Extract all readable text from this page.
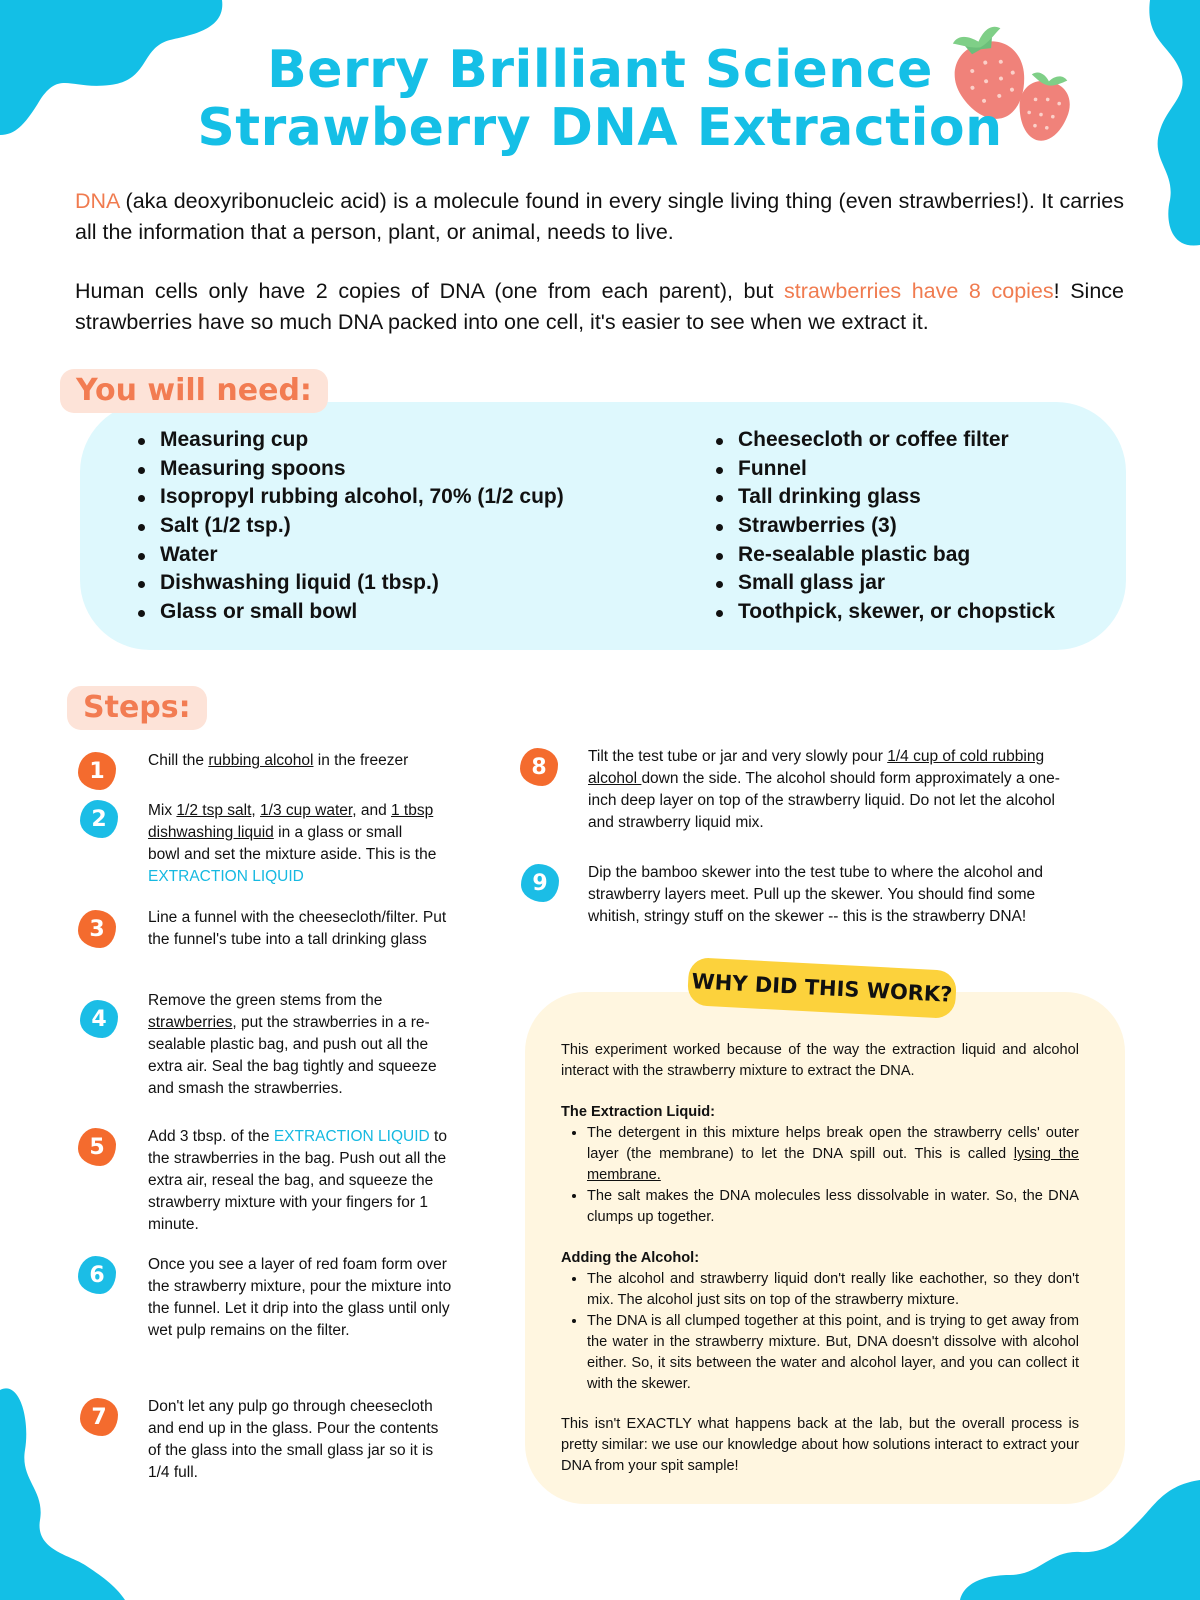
Berry Brilliant Science
Strawberry DNA Extraction
DNA (aka deoxyribonucleic acid) is a molecule found in every single living thing (even strawberries!). It carries all the information that a person, plant, or animal, needs to live.
Human cells only have 2 copies of DNA (one from each parent), but strawberries have 8 copies! Since strawberries have so much DNA packed into one cell, it's easier to see when we extract it.
You will need:
Measuring cup
Measuring spoons
Isopropyl rubbing alcohol, 70% (1/2 cup)
Salt (1/2 tsp.)
Water
Dishwashing liquid (1 tbsp.)
Glass or small bowl
Cheesecloth or coffee filter
Funnel
Tall drinking glass
Strawberries (3)
Re-sealable plastic bag
Small glass jar
Toothpick, skewer, or chopstick
Steps:
1	Chill the rubbing alcohol in the freezer
2	Mix 1/2 tsp salt, 1/3 cup water, and 1 tbsp dishwashing liquid in a glass or small bowl and set the mixture aside. This is the EXTRACTION LIQUID
3	Line a funnel with the cheesecloth/filter. Put the funnel's tube into a tall drinking glass
4
Remove the green stems from the strawberries, put the strawberries in a re-sealable plastic bag, and push out all the extra air. Seal the bag tightly and squeeze and smash the strawberries.
5	Add 3 tbsp. of the EXTRACTION LIQUID to the strawberries in the bag. Push out all the extra air, reseal the bag, and squeeze the strawberry mixture with your fingers for 1 minute.
6	Once you see a layer of red foam form over the strawberry mixture, pour the mixture into the funnel. Let it drip into the glass until only wet pulp remains on the filter.
7	Don't let any pulp go through cheesecloth and end up in the glass. Pour the contents of the glass into the small glass jar so it is 1/4 full.
8	Tilt the test tube or jar and very slowly pour 1/4 cup of cold rubbing alcohol down the side. The alcohol should form approximately a one-inch deep layer on top of the strawberry liquid. Do not let the alcohol and strawberry liquid mix.
9	Dip the bamboo skewer into the test tube to where the alcohol and strawberry layers meet. Pull up the skewer. You should find some whitish, stringy stuff on the skewer -- this is the strawberry DNA!
WHY DID THIS WORK?
This experiment worked because of the way the extraction liquid and alcohol interact with the strawberry mixture to extract the DNA.
The Extraction Liquid:
• The detergent in this mixture helps break open the strawberry cells' outer layer (the membrane) to let the DNA spill out. This is called lysing the membrane.
• The salt makes the DNA molecules less dissolvable in water. So, the DNA clumps up together.
Adding the Alcohol:
• The alcohol and strawberry liquid don't really like eachother, so they don't mix. The alcohol just sits on top of the strawberry mixture.
• The DNA is all clumped together at this point, and is trying to get away from the water in the strawberry mixture. But, DNA doesn't dissolve with alcohol either. So, it sits between the water and alcohol layer, and you can collect it with the skewer.
This isn't EXACTLY what happens back at the lab, but the overall process is pretty similar: we use our knowledge about how solutions interact to extract your DNA from your spit sample!
